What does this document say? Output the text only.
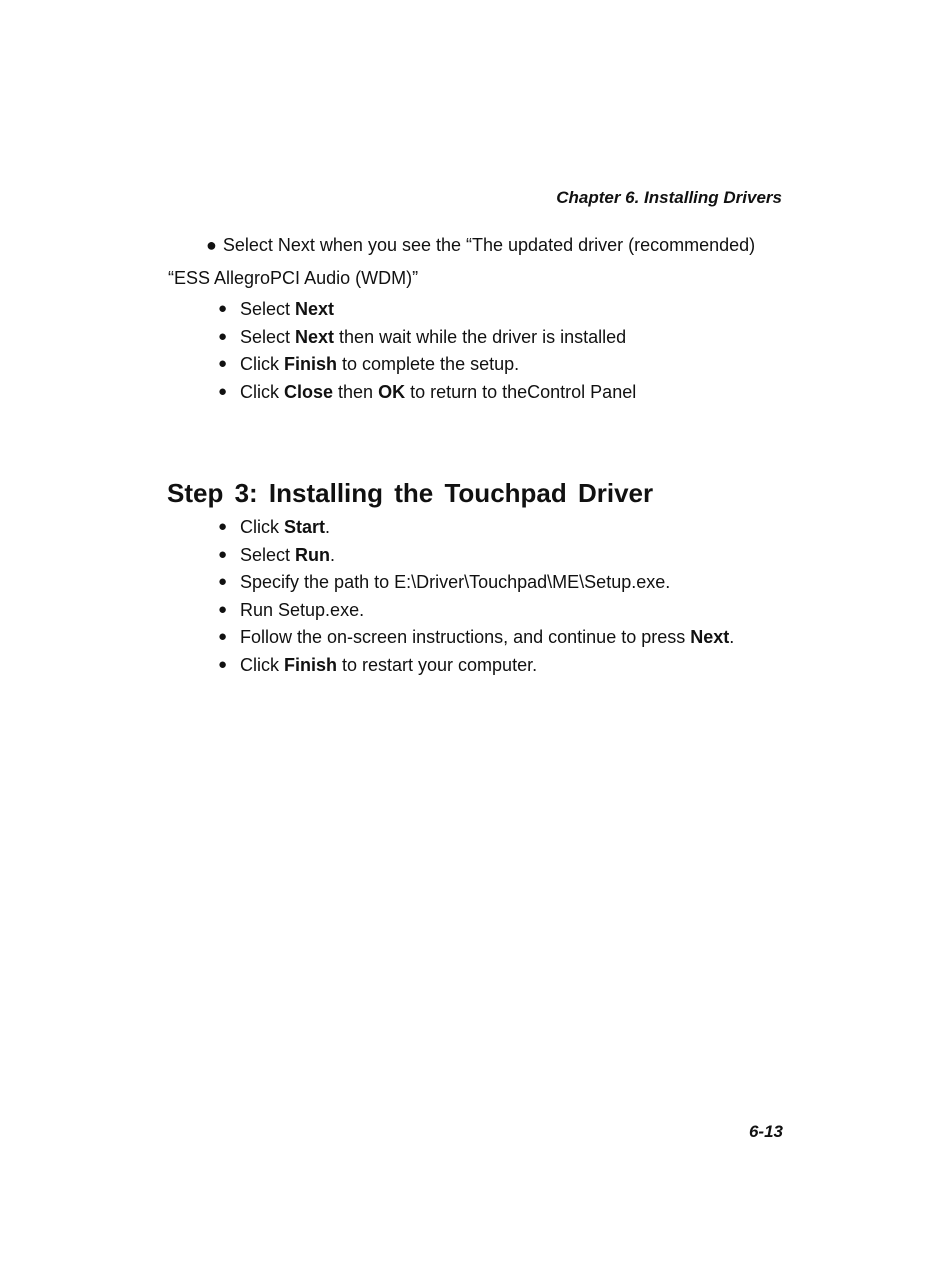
Chapter 6. Installing Drivers
● Select Next when you see the “The updated driver (recommended)
“ESS AllegroPCI Audio (WDM)”
● Select Next
● Select Next then wait while the driver is installed
● Click Finish to complete the setup.
● Click Close then OK to return to theControl Panel
Step 3: Installing the Touchpad Driver
● Click Start.
● Select Run.
● Specify the path to E:\Driver\Touchpad\ME\Setup.exe.
● Run Setup.exe.
● Follow the on-screen instructions, and continue to press Next.
● Click Finish to restart your computer.
6-13
